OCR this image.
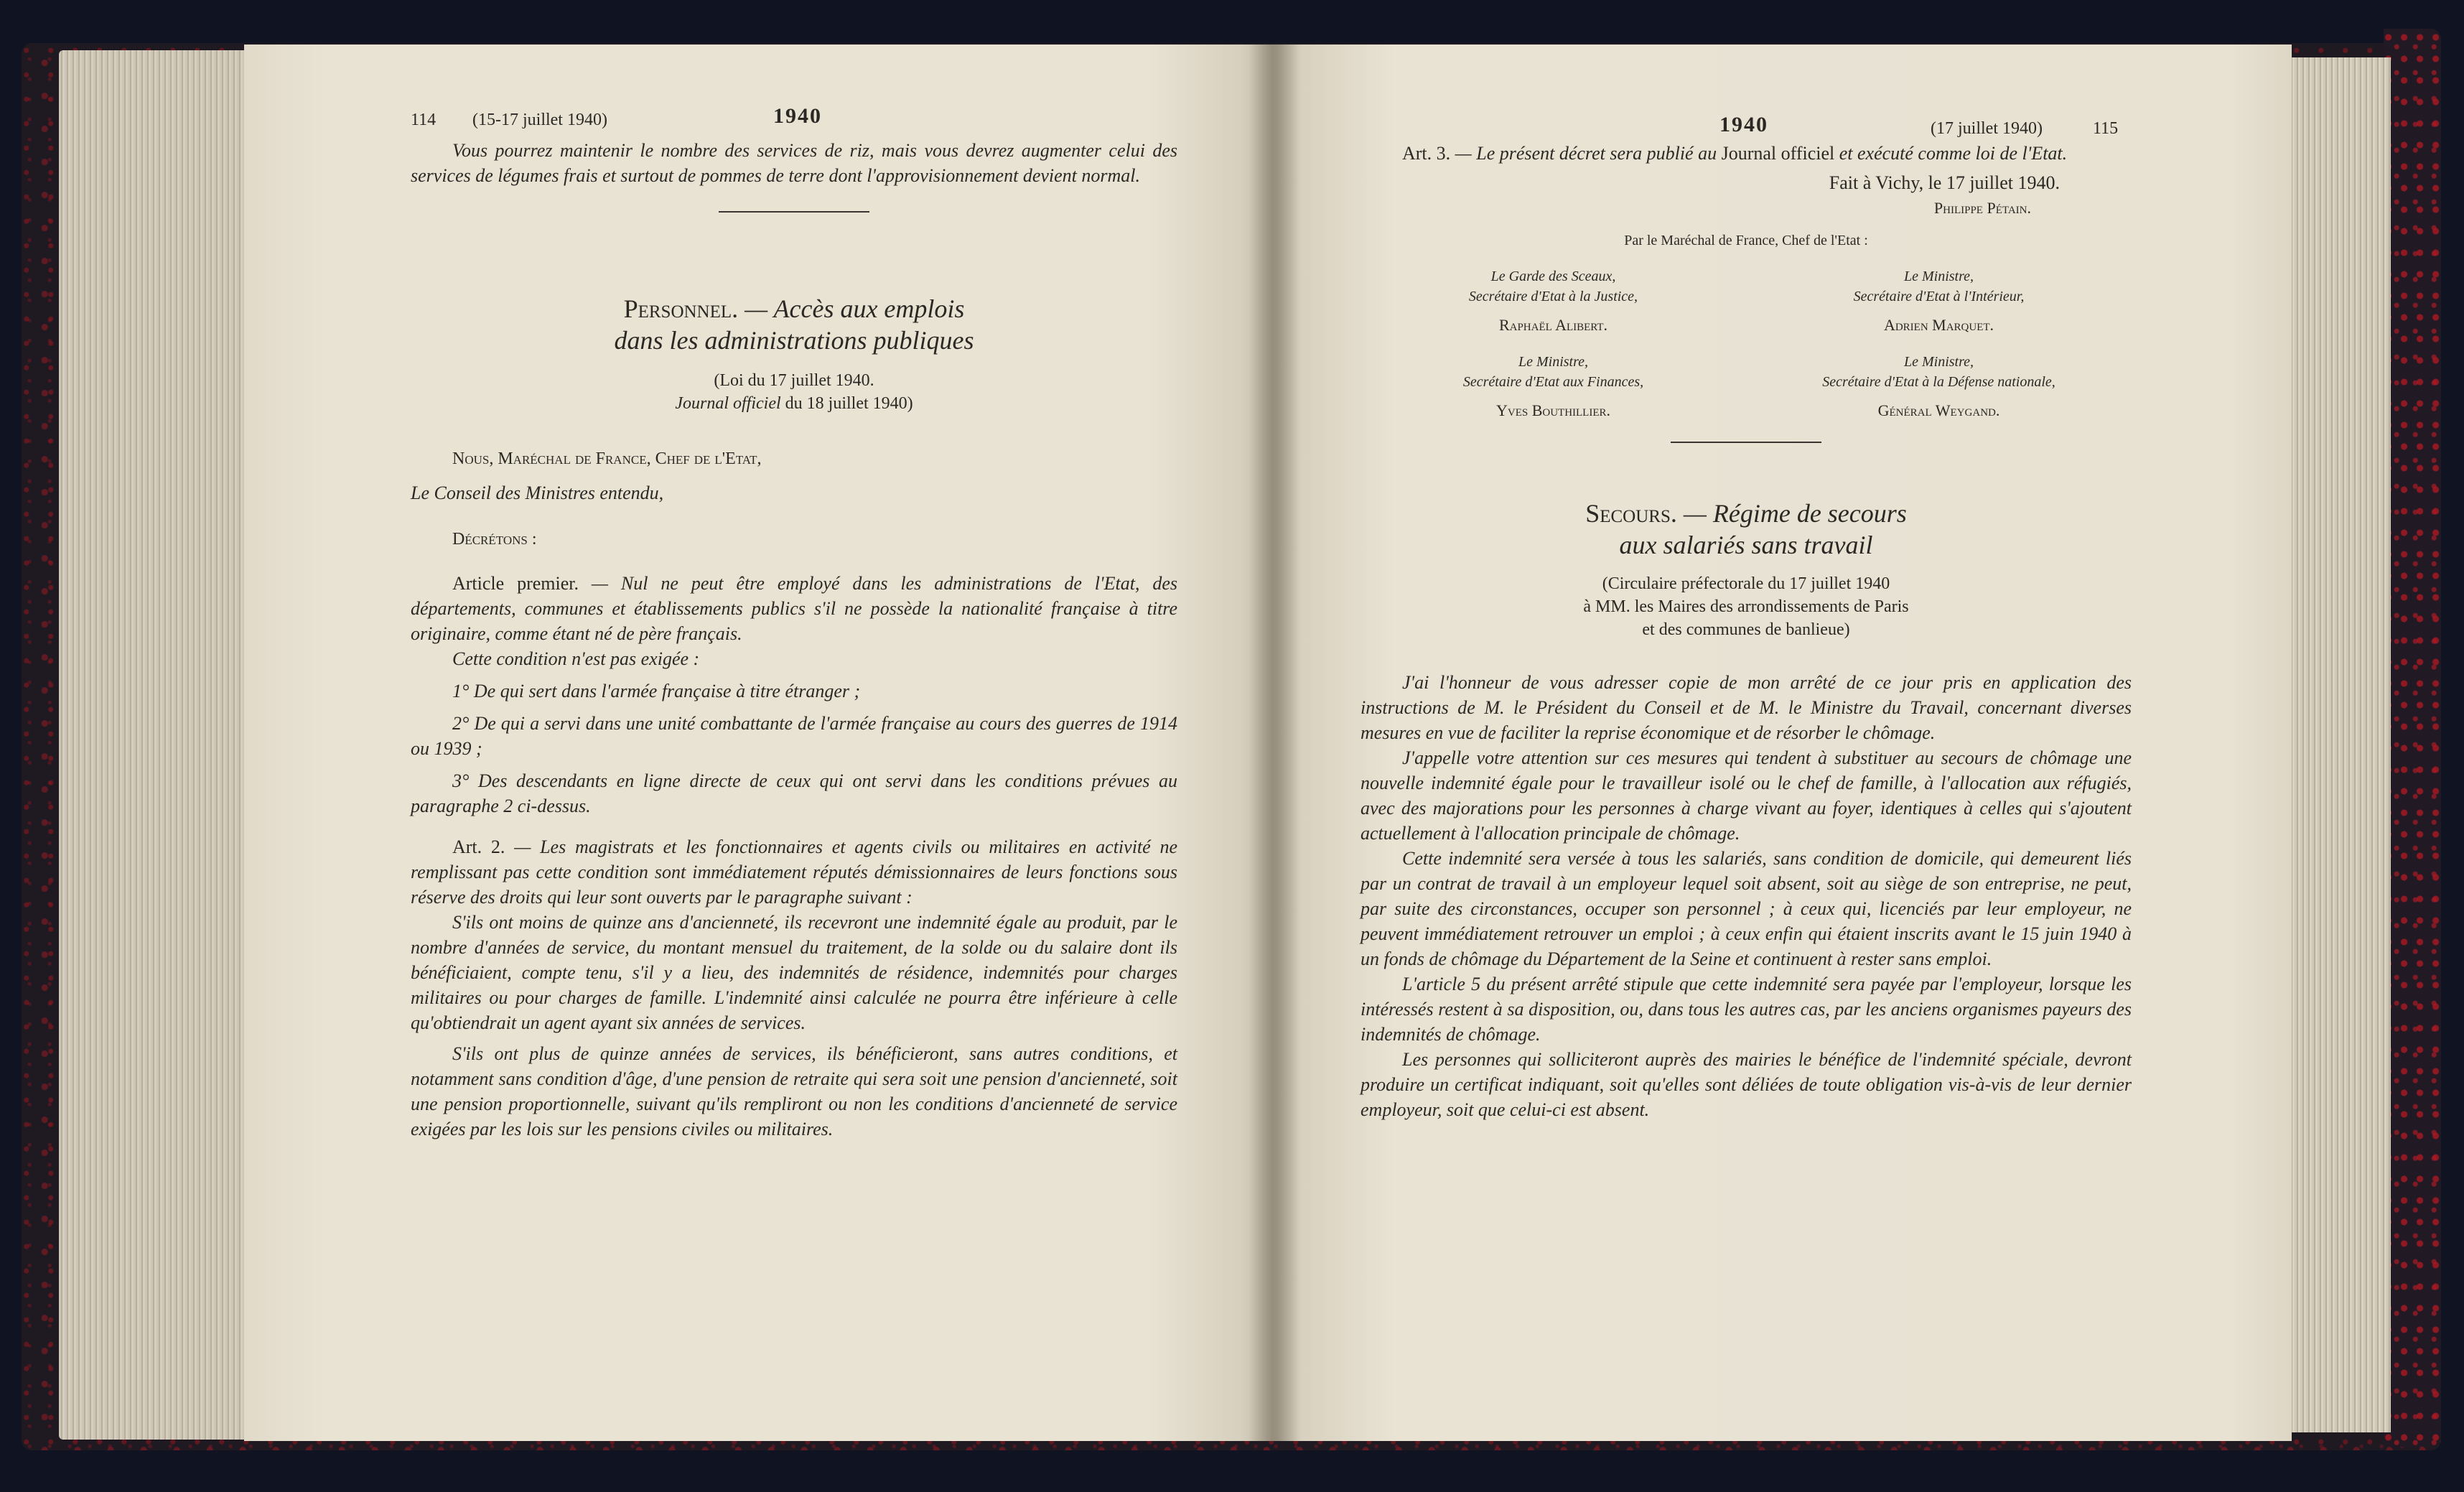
114 (15-17 juillet 1940)	1940

Vous pourrez maintenir le nombre des services de riz, mais vous devrez augmenter celui des services de légumes frais et surtout de pommes de terre dont l'approvisionnement devient normal.

Personnel. — Accès aux emplois
dans les administrations publiques
(Loi du 17 juillet 1940.
Journal officiel du 18 juillet 1940)

Nous, Maréchal de France, Chef de l'Etat,

Le Conseil des Ministres entendu,

Décrétons :

Article premier. — Nul ne peut être employé dans les administrations de l'Etat, des départements, communes et établissements publics s'il ne possède la nationalité française à titre originaire, comme étant né de père français.

Cette condition n'est pas exigée :

1° De qui sert dans l'armée française à titre étranger ;

2° De qui a servi dans une unité combattante de l'armée française au cours des guerres de 1914 ou 1939 ;

3° Des descendants en ligne directe de ceux qui ont servi dans les conditions prévues au paragraphe 2 ci-dessus.

Art. 2. — Les magistrats et les fonctionnaires et agents civils ou militaires en activité ne remplissant pas cette condition sont immédiatement réputés démissionnaires de leurs fonctions sous réserve des droits qui leur sont ouverts par le paragraphe suivant :

S'ils ont moins de quinze ans d'ancienneté, ils recevront une indemnité égale au produit, par le nombre d'années de service, du montant mensuel du traitement, de la solde ou du salaire dont ils bénéficiaient, compte tenu, s'il y a lieu, des indemnités de résidence, indemnités pour charges militaires ou pour charges de famille. L'indemnité ainsi calculée ne pourra être inférieure à celle qu'obtiendrait un agent ayant six années de services.

S'ils ont plus de quinze années de services, ils bénéficieront, sans autres conditions, et notamment sans condition d'âge, d'une pension de retraite qui sera soit une pension d'ancienneté, soit une pension proportionnelle, suivant qu'ils rempliront ou non les conditions d'ancienneté de service exigées par les lois sur les pensions civiles ou militaires.

1940	(17 juillet 1940)	115

Art. 3. — Le présent décret sera publié au Journal officiel et exécuté comme loi de l'Etat.

Fait à Vichy, le 17 juillet 1940.

Philippe Pétain.

Par le Maréchal de France, Chef de l'Etat :

Le Garde des Sceaux,
Secrétaire d'Etat à la Justice,
Raphaël Alibert.
Le Ministre,
Secrétaire d'Etat à l'Intérieur,
Adrien Marquet.
Le Ministre,
Secrétaire d'Etat aux Finances,
Yves Bouthillier.
Le Ministre,
Secrétaire d'Etat à la Défense nationale,
Général Weygand.
Secours. — Régime de secours
aux salariés sans travail
(Circulaire préfectorale du 17 juillet 1940
à MM. les Maires des arrondissements de Paris
et des communes de banlieue)

J'ai l'honneur de vous adresser copie de mon arrêté de ce jour pris en application des instructions de M. le Président du Conseil et de M. le Ministre du Travail, concernant diverses mesures en vue de faciliter la reprise économique et de résorber le chômage.

J'appelle votre attention sur ces mesures qui tendent à substituer au secours de chômage une nouvelle indemnité égale pour le travailleur isolé ou le chef de famille, à l'allocation aux réfugiés, avec des majorations pour les personnes à charge vivant au foyer, identiques à celles qui s'ajoutent actuellement à l'allocation principale de chômage.

Cette indemnité sera versée à tous les salariés, sans condition de domicile, qui demeurent liés par un contrat de travail à un employeur lequel soit absent, soit au siège de son entreprise, ne peut, par suite des circonstances, occuper son personnel ; à ceux qui, licenciés par leur employeur, ne peuvent immédiatement retrouver un emploi ; à ceux enfin qui étaient inscrits avant le 15 juin 1940 à un fonds de chômage du Département de la Seine et continuent à rester sans emploi.

L'article 5 du présent arrêté stipule que cette indemnité sera payée par l'employeur, lorsque les intéressés restent à sa disposition, ou, dans tous les autres cas, par les anciens organismes payeurs des indemnités de chômage.

Les personnes qui solliciteront auprès des mairies le bénéfice de l'indemnité spéciale, devront produire un certificat indiquant, soit qu'elles sont déliées de toute obligation vis-à-vis de leur dernier employeur, soit que celui-ci est absent.
